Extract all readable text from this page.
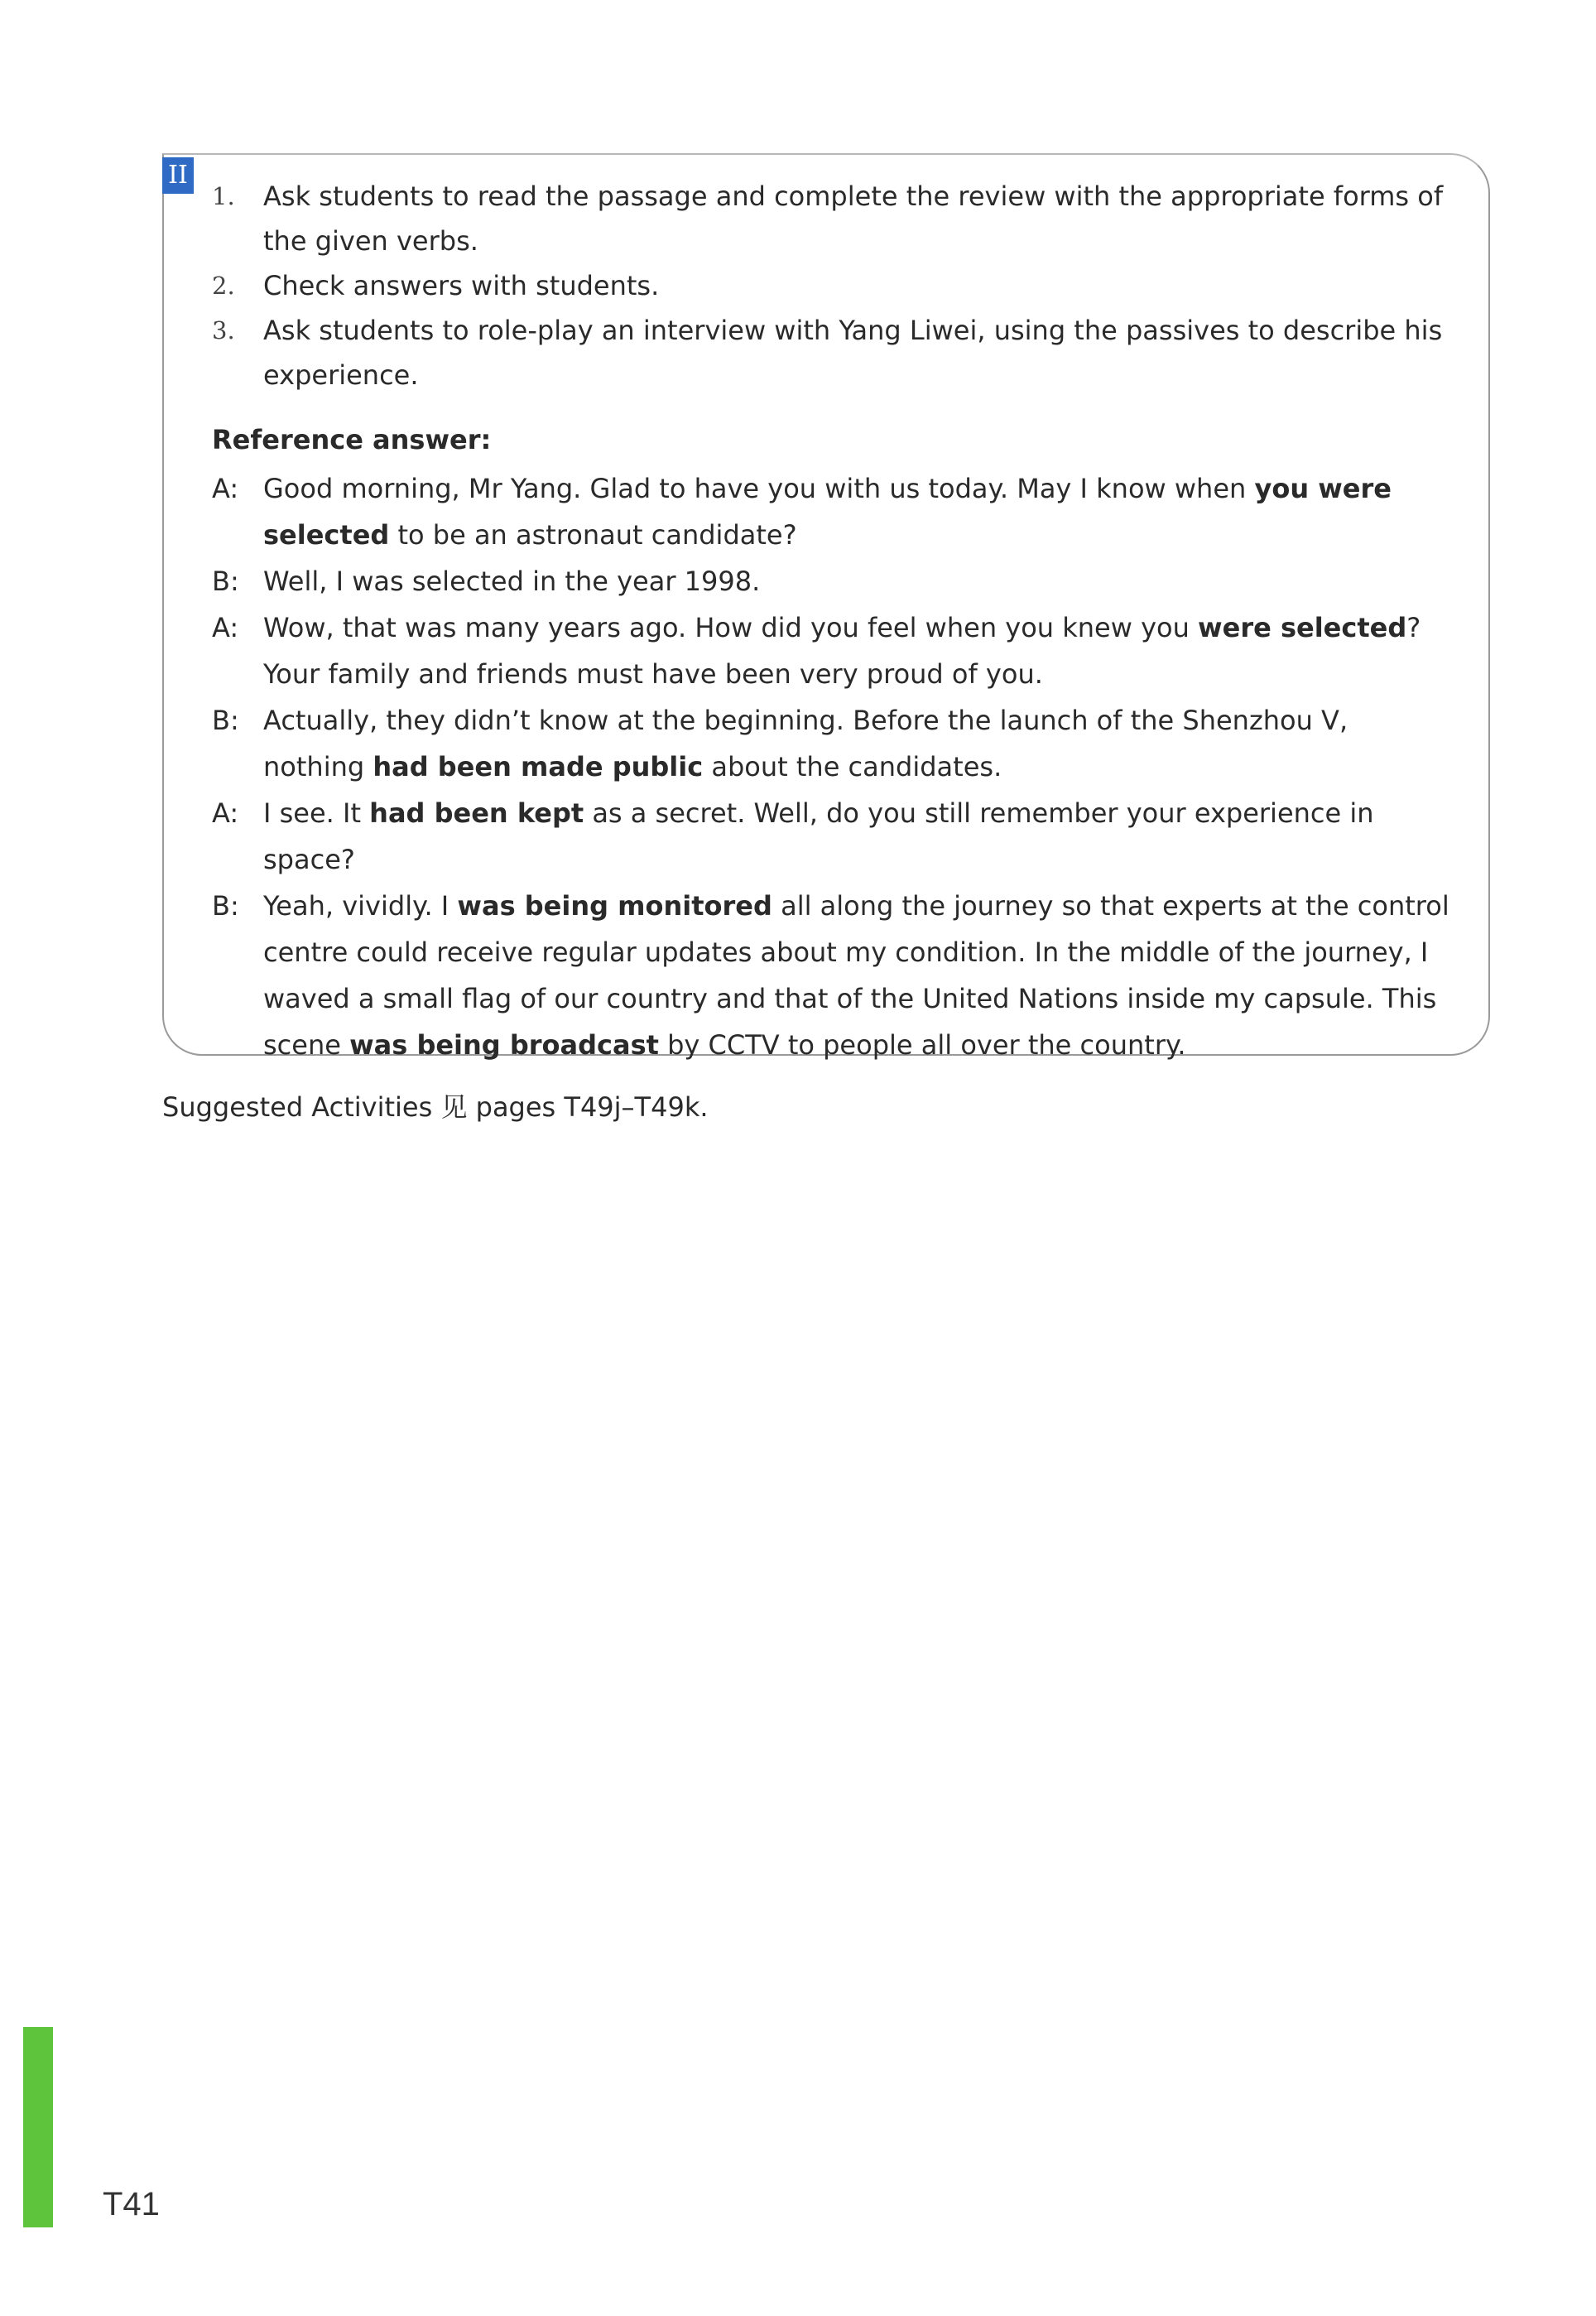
II
1. Ask students to read the passage and complete the review with the appropriate forms of the given verbs.
2. Check answers with students.
3. Ask students to role-play an interview with Yang Liwei, using the passives to describe his experience.
Reference answer:
A: Good morning, Mr Yang. Glad to have you with us today. May I know when you were selected to be an astronaut candidate?
B: Well, I was selected in the year 1998.
A: Wow, that was many years ago. How did you feel when you knew you were selected? Your family and friends must have been very proud of you.
B: Actually, they didn’t know at the beginning. Before the launch of the Shenzhou V, nothing had been made public about the candidates.
A: I see. It had been kept as a secret. Well, do you still remember your experience in space?
B: Yeah, vividly. I was being monitored all along the journey so that experts at the control centre could receive regular updates about my condition. In the middle of the journey, I waved a small flag of our country and that of the United Nations inside my capsule. This scene was being broadcast by CCTV to people all over the country.
Suggested Activities 见 pages T49j–T49k.
T41
